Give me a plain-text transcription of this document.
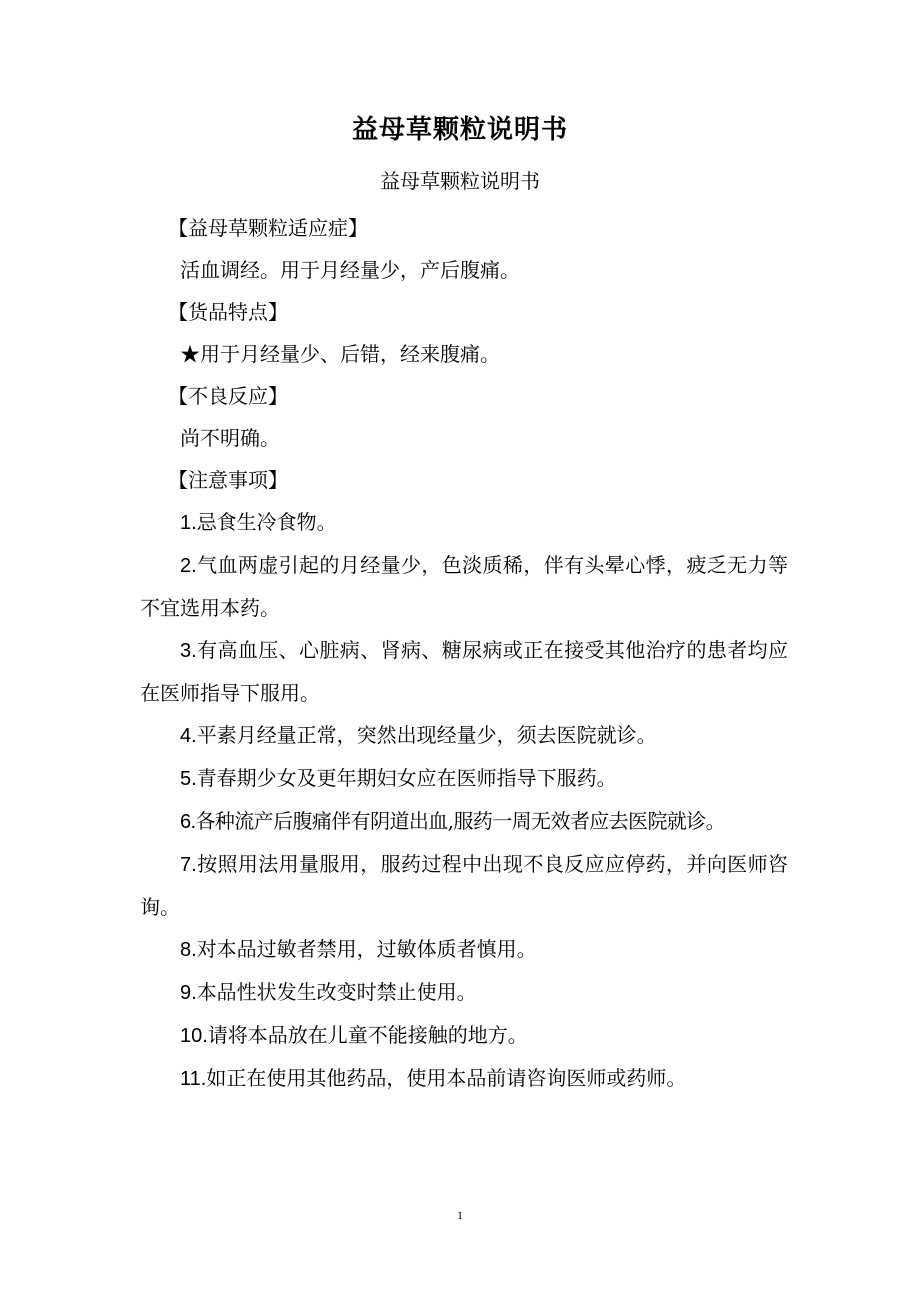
益母草颗粒说明书
益母草颗粒说明书

【益母草颗粒适应症】

活血调经。用于月经量少，产后腹痛。

【货品特点】

★用于月经量少、后错，经来腹痛。

【不良反应】

尚不明确。

【注意事项】

1.忌食生冷食物。

2.气血两虚引起的月经量少，色淡质稀，伴有头晕心悸，疲乏无力等不宜选用本药。

3.有高血压、心脏病、肾病、糖尿病或正在接受其他治疗的患者均应在医师指导下服用。

4.平素月经量正常，突然出现经量少，须去医院就诊。

5.青春期少女及更年期妇女应在医师指导下服药。

6.各种流产后腹痛伴有阴道出血,服药一周无效者应去医院就诊。

7.按照用法用量服用，服药过程中出现不良反应应停药，并向医师咨询。

8.对本品过敏者禁用，过敏体质者慎用。

9.本品性状发生改变时禁止使用。

10.请将本品放在儿童不能接触的地方。

11.如正在使用其他药品，使用本品前请咨询医师或药师。

1
